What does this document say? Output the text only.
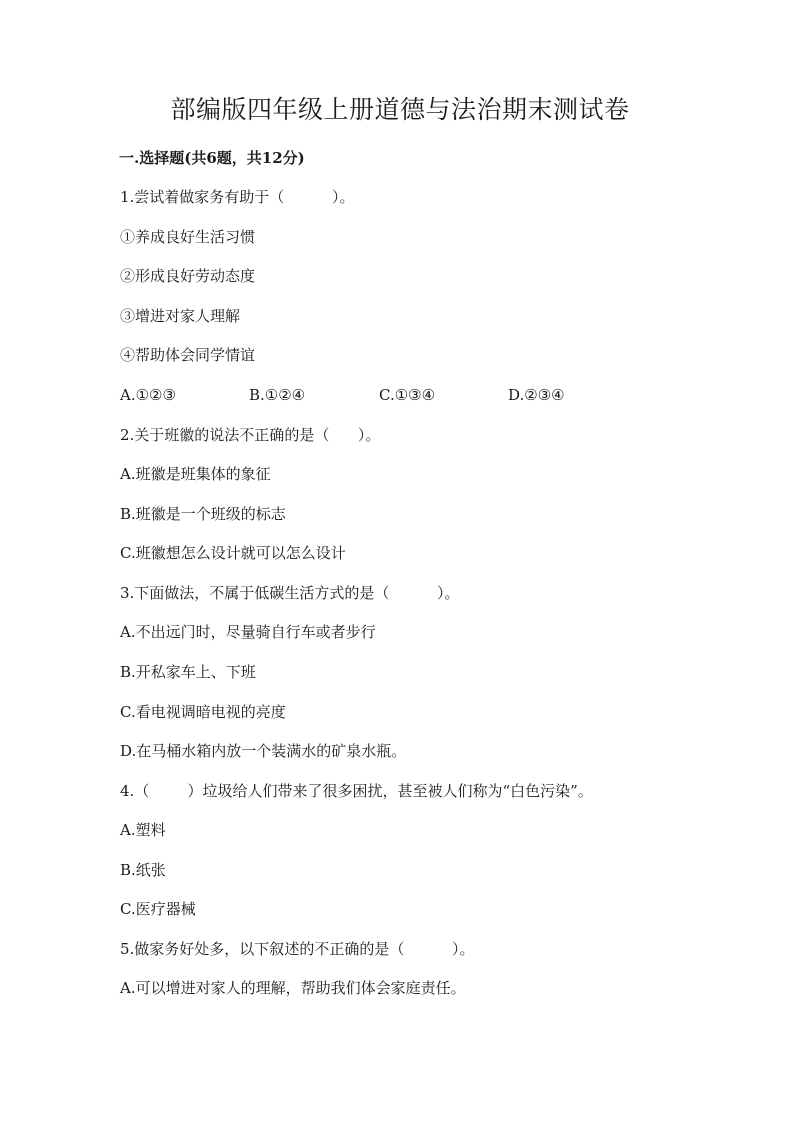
部编版四年级上册道德与法治期末测试卷
一.选择题(共6题，共12分)
1.尝试着做家务有助于（          ）。
①养成良好生活习惯
②形成良好劳动态度
③增进对家人理解
④帮助体会同学情谊
A.①②③	B.①②④	C.①③④	D.②③④
2.关于班徽的说法不正确的是（      ）。
A.班徽是班集体的象征
B.班徽是一个班级的标志
C.班徽想怎么设计就可以怎么设计
3.下面做法，不属于低碳生活方式的是（          ）。
A.不出远门时，尽量骑自行车或者步行
B.开私家车上、下班
C.看电视调暗电视的亮度
D.在马桶水箱内放一个装满水的矿泉水瓶。
4.（        ）垃圾给人们带来了很多困扰，甚至被人们称为“白色污染”。
A.塑料
B.纸张
C.医疗器械
5.做家务好处多，以下叙述的不正确的是（          ）。
A.可以增进对家人的理解，帮助我们体会家庭责任。
